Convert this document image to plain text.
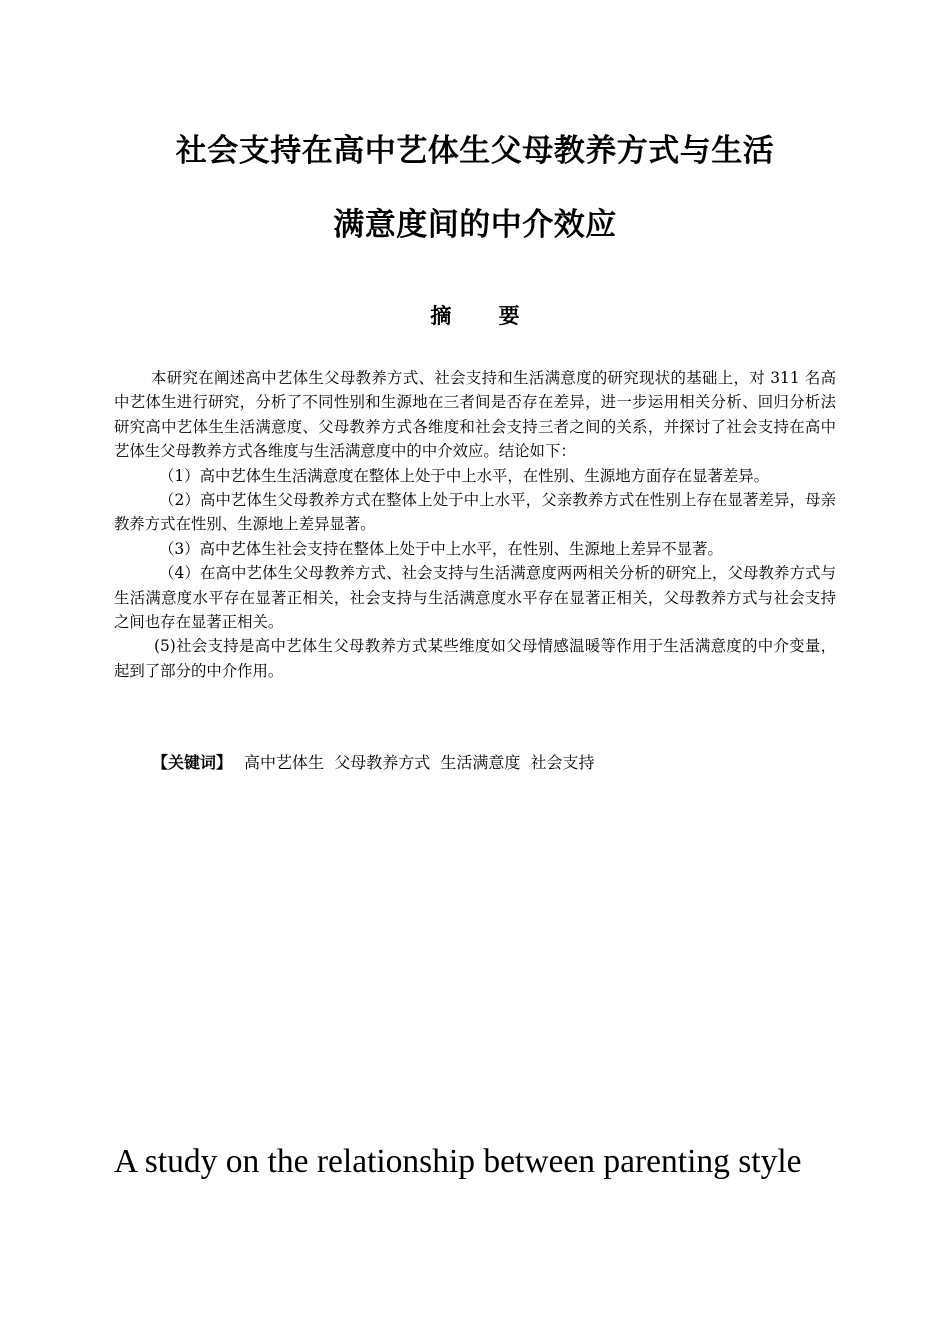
社会支持在高中艺体生父母教养方式与生活
满意度间的中介效应
摘 要

本研究在阐述高中艺体生父母教养方式、社会支持和生活满意度的研究现状的基础上，对 311 名高中艺体生进行研究，分析了不同性别和生源地在三者间是否存在差异，进一步运用相关分析、回归分析法研究高中艺体生生活满意度、父母教养方式各维度和社会支持三者之间的关系，并探讨了社会支持在高中艺体生父母教养方式各维度与生活满意度中的中介效应。结论如下：

（1）高中艺体生生活满意度在整体上处于中上水平，在性别、生源地方面存在显著差异。

（2）高中艺体生父母教养方式在整体上处于中上水平，父亲教养方式在性别上存在显著差异，母亲教养方式在性别、生源地上差异显著。

（3）高中艺体生社会支持在整体上处于中上水平，在性别、生源地上差异不显著。

（4）在高中艺体生父母教养方式、社会支持与生活满意度两两相关分析的研究上，父母教养方式与生活满意度水平存在显著正相关，社会支持与生活满意度水平存在显著正相关，父母教养方式与社会支持之间也存在显著正相关。

(5)社会支持是高中艺体生父母教养方式某些维度如父母情感温暖等作用于生活满意度的中介变量，起到了部分的中介作用。

【关键词】 高中艺体生  父母教养方式  生活满意度  社会支持
A study on the relationship between parenting style
